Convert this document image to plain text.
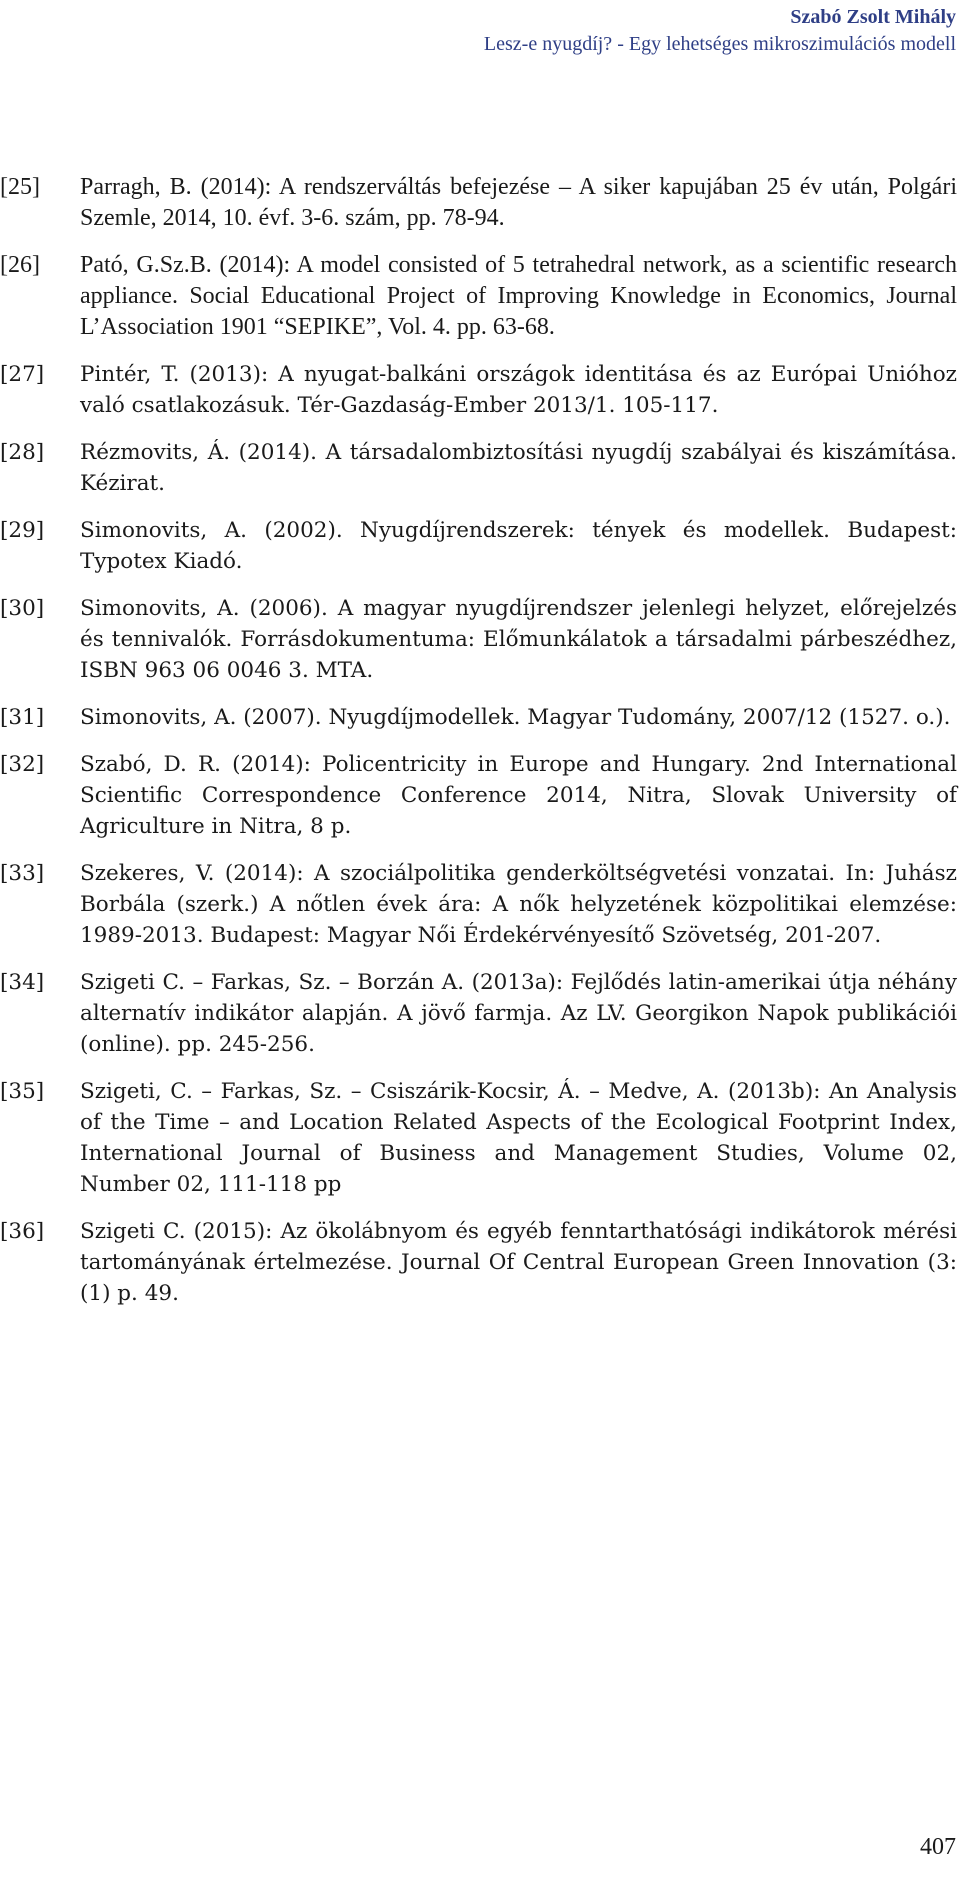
Szabó Zsolt Mihály
Lesz-e nyugdíj? - Egy lehetséges mikroszimulációs modell
[25] Parragh, B. (2014): A rendszerváltás befejezése – A siker kapujában 25 év után, Polgári Szemle, 2014, 10. évf. 3-6. szám, pp. 78-94.
[26] Pató, G.Sz.B. (2014): A model consisted of 5 tetrahedral network, as a scientific research appliance. Social Educational Project of Improving Knowledge in Economics, Journal L’Association 1901 “SEPIKE”, Vol. 4. pp. 63-68.
[27] Pintér, T. (2013): A nyugat-balkáni országok identitása és az Európai Unióhoz való csatlakozásuk. Tér-Gazdaság-Ember 2013/1. 105-117.
[28] Rézmovits, Á. (2014). A társadalombiztosítási nyugdíj szabályai és kiszámítása. Kézirat.
[29] Simonovits, A. (2002). Nyugdíjrendszerek: tények és modellek. Budapest: Typotex Kiadó.
[30] Simonovits, A. (2006). A magyar nyugdíjrendszer jelenlegi helyzet, előrejelzés és tennivalók. Forrásdokumentuma: Előmunkálatok a társadalmi párbeszédhez, ISBN 963 06 0046 3. MTA.
[31] Simonovits, A. (2007). Nyugdíjmodellek. Magyar Tudomány, 2007/12 (1527. o.).
[32] Szabó, D. R. (2014): Policentricity in Europe and Hungary. 2nd International Scientific Correspondence Conference 2014, Nitra, Slovak University of Agriculture in Nitra, 8 p.
[33] Szekeres, V. (2014): A szociálpolitika genderköltségvetési vonzatai. In: Juhász Borbála (szerk.) A nőtlen évek ára: A nők helyzetének közpolitikai elemzése: 1989-2013. Budapest: Magyar Női Érdekérvényesítő Szövetség, 201-207.
[34] Szigeti C. – Farkas, Sz. – Borzán A. (2013a): Fejlődés latin-amerikai útja néhány alternatív indikátor alapján. A jövő farmja. Az LV. Georgikon Napok publikációi (online). pp. 245-256.
[35] Szigeti, C. – Farkas, Sz. – Csiszárik-Kocsir, Á. – Medve, A. (2013b): An Analysis of the Time – and Location Related Aspects of the Ecological Footprint Index, International Journal of Business and Management Studies, Volume 02, Number 02, 111-118 pp
[36] Szigeti C. (2015): Az ökolábnyom és egyéb fenntarthatósági indikátorok mérési tartományának értelmezése. Journal Of Central European Green Innovation (3: (1) p. 49.
407
